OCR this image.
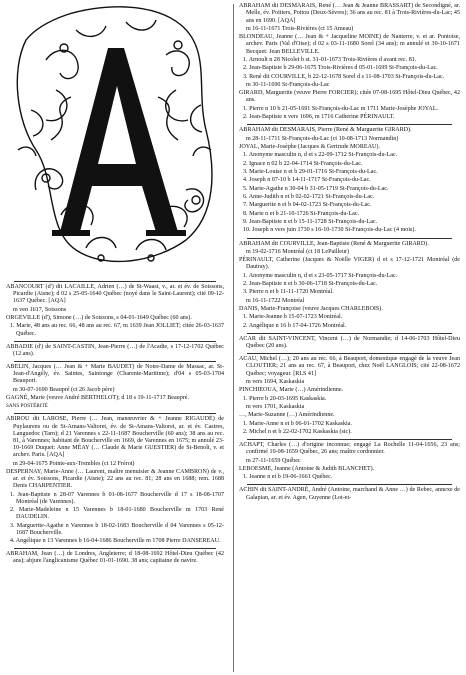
ABANCOURT (d') dit LACAILLE, Adrien (…) de St-Waast, v., ar. et év. de Soissons, Picardie (Aisne); d 02 s 25-05-1640 Québec (noyé dans le Saint-Laurent); cité 09-12-1637 Québec. [AQA]
m ven 1617, Soissons
ORGEVILLE (d'), Simone (…) de Soissons, s 04-01-1649 Québec (60 ans).
1. Marie, 48 ans au rec. 66, 48 ans au rec. 67, m 1639 Jean JOLLIET; citée 26-03-1637 Québec.
ABBADIE (d') de SAINT-CASTIN, Jean-Pierre (…) de l'Acadie, s 17-12-1702 Québec (12 ans).
ABELIN, Jacques (… Jean & + Marie BAUDET) de Notre-Dame de Massac, ar. St-Jean-d'Angély, év. Saintes, Saintonge (Charente-Maritime); d'04 s 05-03-1704 Beauport.
m 30-07-1690 Beaupré (ct 26 Jacob père)
GAGNÉ, Marie (veuve André BERTHELOT); d 18 s 19-11-1717 Beaupré.
SANS POSTÉRITÉ
ABIROU dit LAROSE, Pierre (… Jean, manœuvrier & + Jeanne RIGAUDÈ) de Puylaurens ou de St-Amans-Valtoret, év. de St-Amans-Valtoret, ar. et év. Castres, Languedoc (Tarn); d 21 Varennes s 22-11-1687 Boucherville (60 ans); 38 ans au rec. 81, à Varennes; habitant de Boucherville en 1669, de Varennes en 1675; m annulé 23-10-1669 Duquet: Anne MÉAY (… Claude & Marie GUESTIER) de St-Benoît, v. et archev. Paris. [AQA]
m 29-04-1675 Pointe-aux-Trembles (ct 12 Frérot)
DESPERNAY, Marie-Anne (… Laurent, maître menuisier & Jeanne CAMBRON) de v., ar. et év. Soissons, Picardie (Aisne); 22 ans au rec. 81; 28 ans en 1688; rem. 1688 Denis CHARPENTIER.
1. Jean-Baptiste n 28-07 Varennes b 01-08-1677 Boucherville d 17 s 18-08-1707 Montréal (de Varennes).
2. Marie-Madeleine n 15 Varennes b 18-01-1680 Boucherville m 1703 René DAUDELIN.
3. Marguerite-Agathe n Varennes b 18-02-1683 Boucherville d 04 Varennes s 05-12-1687 Boucherville.
4. Angélique n 13 Varennes b 16-04-1686 Boucherville m 1708 Pierre DANSEREAU.
ABRAHAM, Jean (…) de Londres, Angleterre; d 18-08-1692 Hôtel-Dieu Québec (42 ans); abjure l'anglicanisme Québec 01-01-1690. 38 ans; capitaine de navire.
ABRAHAM dit DESMARAIS, René (… Jean & Jeanne BRASSART) de Secondigné, ar. Melle, év. Poitiers, Poitou (Deux-Sèvres); 36 ans au rec. 81 à Trois-Rivières-du-Lac; 45 ans en 1690. [AQA]
m 16-11-1671 Trois-Rivières (ct 15 Ameau)
BLONDEAU, Jeanne (… Jean & + Jacqueline MOINE) de Nanterre, v. et ar. Pontoise, archev. Paris (Val d'Oise); d 02 s 03-11-1680 Sorel (34 ans); m annulé et 30-10-1671 Becquet: Jean BELLEVILLE.
1. Arnoult n 28 Nicolet b st. 31-01-1673 Trois-Rivières d avant rec. 81.
2. Jean-Baptiste b 29-06-1675 Trois-Rivières d 05-01-1699 St-François-du-Lac.
3. René dit COURVILLE, b 22-12-1678 Sorel d s 11-08-1703 St-François-du-Lac.
m 30-11-1690 St-François-du-Lac
GIRARD, Marguerite (veuve Pierre FORCIER); citée 07-08-1695 Hôtel-Dieu Québec, 42 ans.
1. Pierre n 10 b 21-05-1691 St-François-du-Lac m 1711 Marie-Josèphe JOYAL.
2. Jean-Baptiste n vers 1696, m 1716 Catherine PÉRINAULT.
ABRAHAM dit DESMARAIS, Pierre (René & Marguerite GIRARD).
m 28-11-1711 St-François-du-Lac (ct 10-08-1713 Normandin)
JOYAL, Marie-Josèphe (Jacques & Gertrude MOREAU).
1. Anonyme masculin n, d et s 22-09-1712 St-François-du-Lac.
2. Ignace n 02 b 22-04-1714 St-François-du-Lac.
3. Marie-Louise n et b 29-01-1716 St-François-du-Lac.
4. Joseph n 07-10 b 14-11-1717 St-François-du-Lac.
5. Marie-Agathe n 30-04 b 31-05-1719 St-François-du-Lac.
6. Anne-Judith n et b 02-02-1721 St-François-du-Lac.
7. Marguerite n et b 04-02-1723 St-François-du-Lac.
8. Marie n et b 21-10-1726 St-François-du-Lac.
9. Jean-Baptiste n et b 15-11-1728 St-François-du-Lac.
10. Joseph n vers juin 1730 s 16-10-1730 St-François-du-Lac (4 mois).
ABRAHAM dit COURVILLE, Jean-Baptiste (René & Marguerite GIRARD).
m 19-02-1716 Montréal (ct 18 LePailleur)
PÉRINAULT, Catherine (Jacques & Noëlle VIGER) d et s 17-12-1721 Montréal (de Dautray).
1. Anonyme masculin n, d et s 23-05-1717 St-François-du-Lac.
2. Jean-Baptiste n et b 30-06-1718 St-François-du-Lac.
3. Pierre n et b 11-11-1720 Montréal.
m 16-11-1722 Montréal
DANIS, Marie-Françoise (veuve Jacques CHARLEBOIS).
1. Marie-Jeanne b 15-07-1723 Montréal.
2. Angélique n 16 b 17-04-1726 Montréal.
ACAR dit SAINT-VINCENT, Vincent (…) de Normandie; d 14-06-1703 Hôtel-Dieu Québec (20 ans).
ACAU, Michel (…); 20 ans au rec. 66, à Beauport, domestique engagé de la veuve Jean CLOUTIER; 21 ans au rec. 67, à Beauport, chez Noël LANGLOIS; cité 22-08-1672 Québec; voyageur. [RLS 41]
m vers 1694, Kaskaskia
PINCHIEOUA, Marie (…) Amérindienne.
1. Pierre b 20-03-1695 Kaskaskia.
m vers 1701, Kaskaskia
…, Marie-Suzanne (…) Amérindienne.
1. Marie-Anne n et b 06-01-1702 Kaskaskia.
2. Michel n et b 22-02-1702 Kaskaskia (sic).
ACHAPT, Charles (…) d'origine inconnue; engagé La Rochelle 11-04-1656, 23 ans; confirmé 10-08-1659 Québec, 26 ans; maître cordonnier.
m 27-11-1659 Québec
LEBOESME, Jeanne (Antoine & Judith BLANCHET).
1. Jeanne n et b 19-06-1661 Québec.
ACHIN dit SAINT-ANDRÉ, André (Antoine, marchand & Anne …) de Rebec, annexe de Galapian, ar. et év. Agen, Guyenne (Lot-et-
